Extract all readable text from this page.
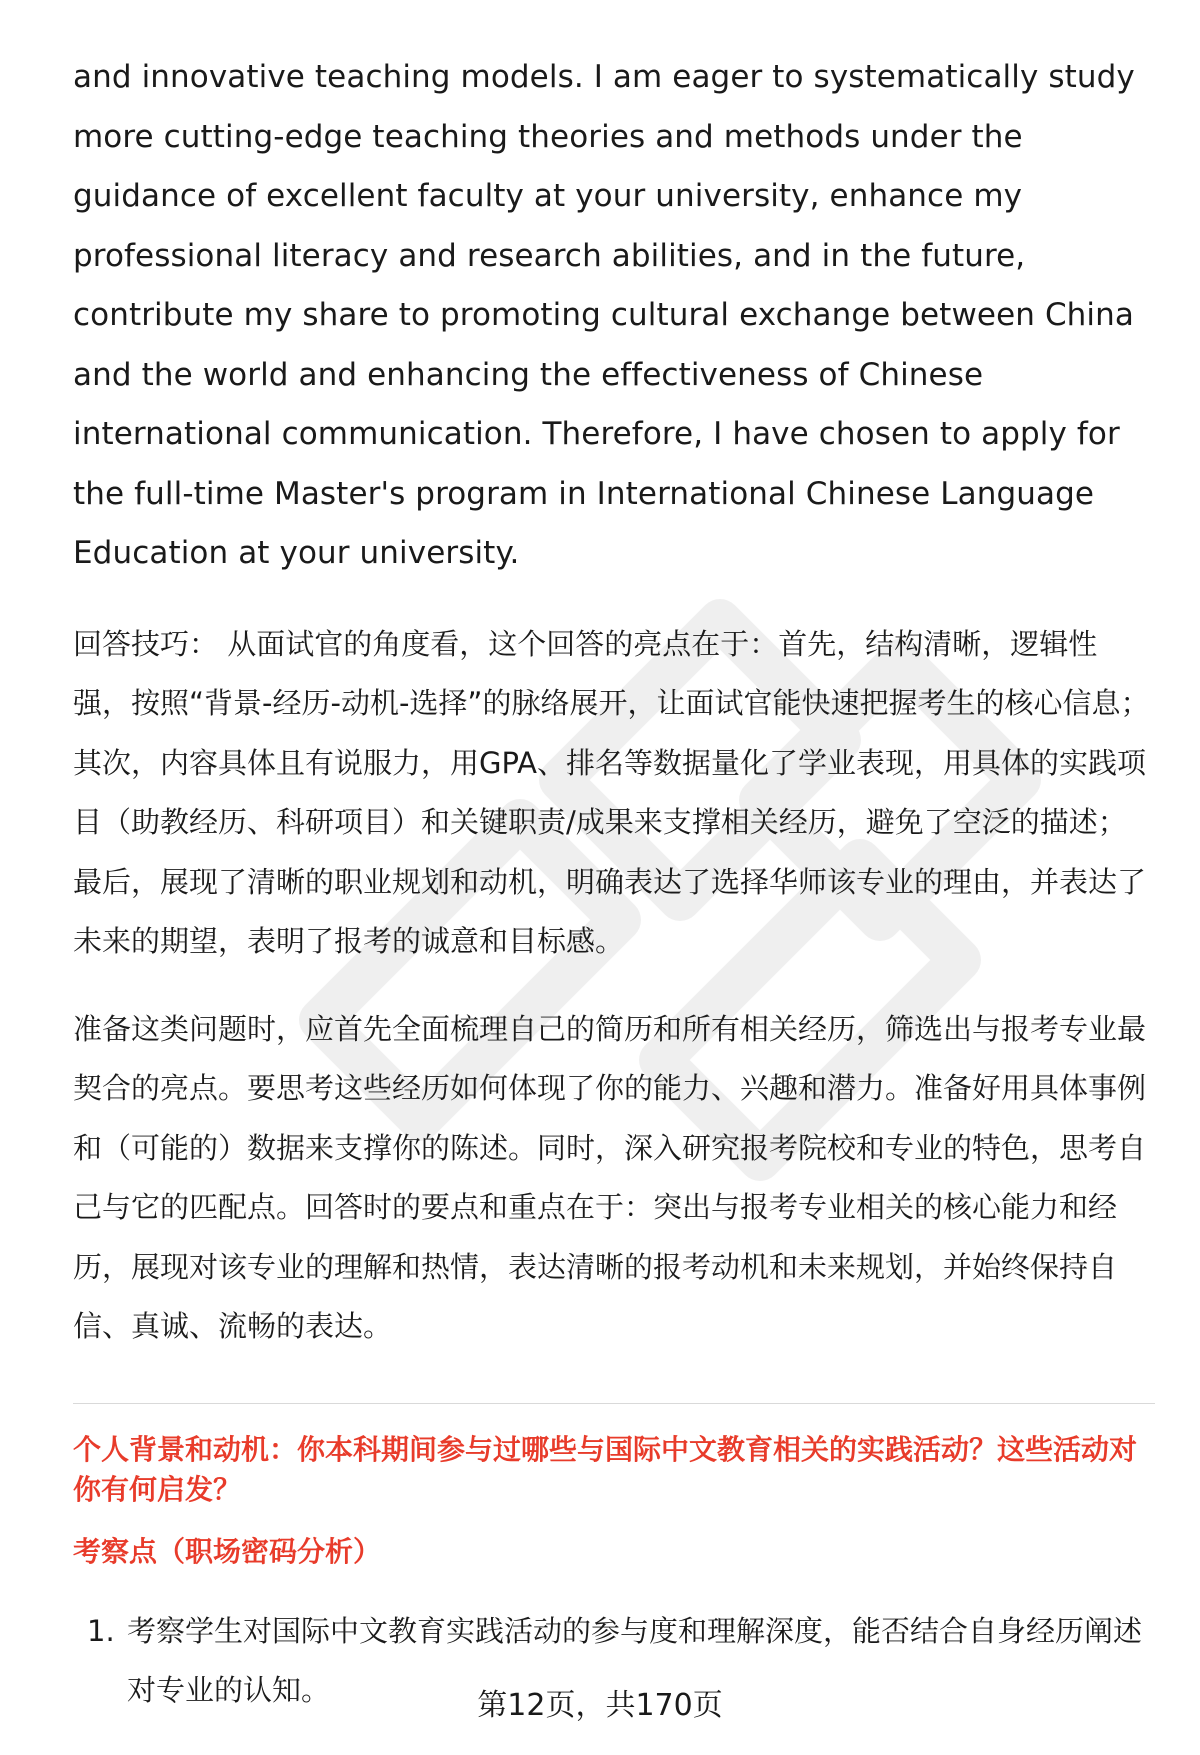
and innovative teaching models. I am eager to systematically study more cutting-edge teaching theories and methods under the guidance of excellent faculty at your university, enhance my professional literacy and research abilities, and in the future, contribute my share to promoting cultural exchange between China and the world and enhancing the effectiveness of Chinese international communication. Therefore, I have chosen to apply for the full-time Master's program in International Chinese Language Education at your university.

回答技巧： 从面试官的角度看，这个回答的亮点在于：首先，结构清晰，逻辑性强，按照“背景-经历-动机-选择”的脉络展开，让面试官能快速把握考生的核心信息；其次，内容具体且有说服力，用GPA、排名等数据量化了学业表现，用具体的实践项目（助教经历、科研项目）和关键职责/成果来支撑相关经历，避免了空泛的描述；最后，展现了清晰的职业规划和动机，明确表达了选择华师该专业的理由，并表达了未来的期望，表明了报考的诚意和目标感。

准备这类问题时，应首先全面梳理自己的简历和所有相关经历，筛选出与报考专业最契合的亮点。要思考这些经历如何体现了你的能力、兴趣和潜力。准备好用具体事例和（可能的）数据来支撑你的陈述。同时，深入研究报考院校和专业的特色，思考自己与它的匹配点。回答时的要点和重点在于：突出与报考专业相关的核心能力和经历，展现对该专业的理解和热情，表达清晰的报考动机和未来规划，并始终保持自信、真诚、流畅的表达。

个人背景和动机：你本科期间参与过哪些与国际中文教育相关的实践活动？这些活动对你有何启发？
考察点（职场密码分析）
1. 考察学生对国际中文教育实践活动的参与度和理解深度，能否结合自身经历阐述对专业的认知。	第12页，共170页
